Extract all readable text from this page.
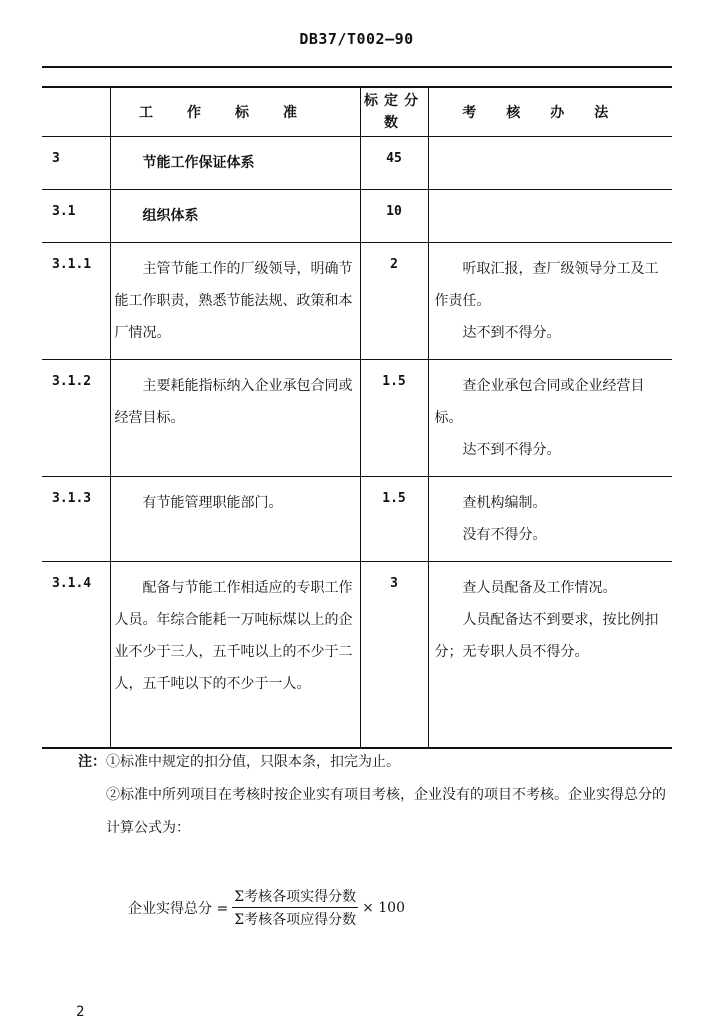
DB37/T002—90
	工作标准	标定分数	考核办法
3	节能工作保证体系	45	
3.1	组织体系	10	
3.1.1	主管节能工作的厂级领导，明确节能工作职责，熟悉节能法规、政策和本厂情况。	2	听取汇报，查厂级领导分工及工作责任。

达不到不得分。

3.1.2	主要耗能指标纳入企业承包合同或经营目标。	1.5	查企业承包合同或企业经营目标。

达不到不得分。

3.1.3	有节能管理职能部门。	1.5	查机构编制。

没有不得分。

3.1.4	配备与节能工作相适应的专职工作人员。年综合能耗一万吨标煤以上的企业不少于三人，五千吨以上的不少于二人，五千吨以下的不少于一人。	3	查人员配备及工作情况。

人员配备达不到要求，按比例扣分；无专职人员不得分。

注：①标准中规定的扣分值，只限本条，扣完为止。

②标准中所列项目在考核时按企业实有项目考核，企业没有的项目不考核。企业实得总分的计算公式为：

企业实得总分 = $\frac{\text{Σ考核各项实得分数}}{\text{Σ考核各项应得分数}} \times 100$
2
